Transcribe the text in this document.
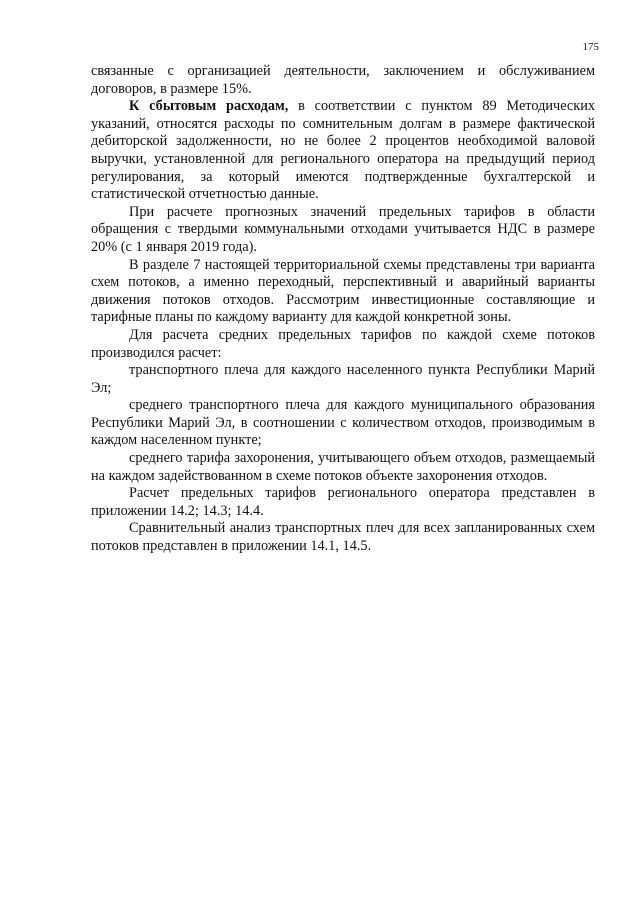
175

связанные с организацией деятельности, заключением и обслуживанием договоров, в размере 15%.

К сбытовым расходам, в соответствии с пунктом 89 Методических указаний, относятся расходы по сомнительным долгам в размере фактической дебиторской задолженности, но не более 2 процентов необходимой валовой выручки, установленной для регионального оператора на предыдущий период регулирования, за который имеются подтвержденные бухгалтерской и статистической отчетностью данные.

При расчете прогнозных значений предельных тарифов в области обращения с твердыми коммунальными отходами учитывается НДС в размере 20% (с 1 января 2019 года).

В разделе 7 настоящей территориальной схемы представлены три варианта схем потоков, а именно переходный, перспективный и аварийный варианты движения потоков отходов. Рассмотрим инвестиционные составляющие и тарифные планы по каждому варианту для каждой конкретной зоны.

Для расчета средних предельных тарифов по каждой схеме потоков производился расчет:

транспортного плеча для каждого населенного пункта Республики Марий Эл;

среднего транспортного плеча для каждого муниципального образования Республики Марий Эл, в соотношении с количеством отходов, производимым в каждом населенном пункте;

среднего тарифа захоронения, учитывающего объем отходов, размещаемый на каждом задействованном в схеме потоков объекте захоронения отходов.

Расчет предельных тарифов регионального оператора представлен в приложении 14.2; 14.3; 14.4.

Сравнительный анализ транспортных плеч для всех запланированных схем потоков представлен в приложении 14.1, 14.5.
